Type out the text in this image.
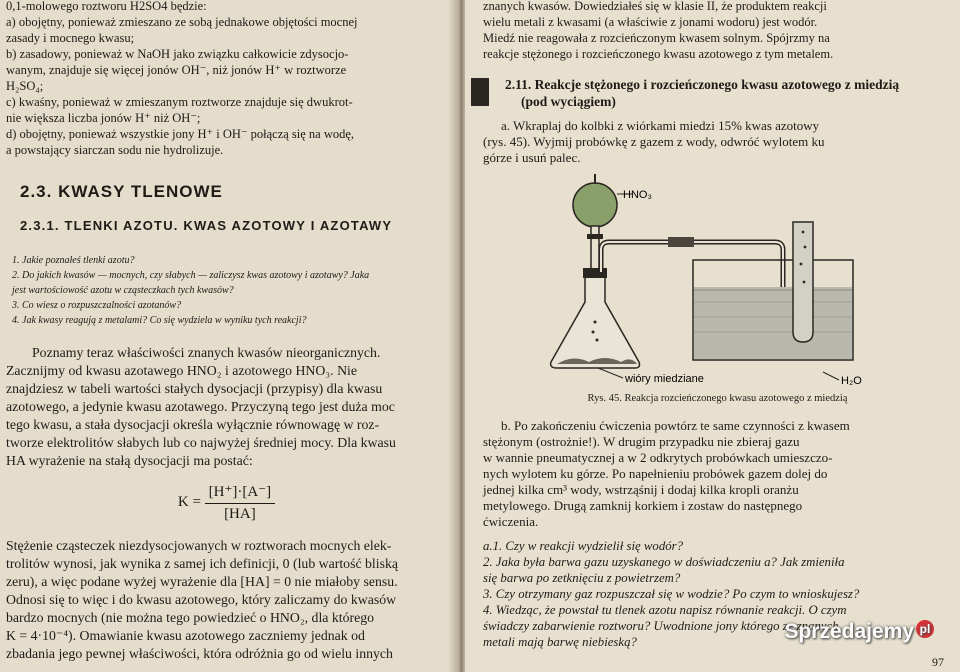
0,1-molowego roztworu H2SO4 będzie:

a) obojętny, ponieważ zmieszano ze sobą jednakowe objętości mocnej

zasady i mocnego kwasu;

b) zasadowy, ponieważ w NaOH jako związku całkowicie zdysocjo-

wanym, znajduje się więcej jonów OH⁻, niż jonów H⁺ w roztworze

H₂SO₄;

c) kwaśny, ponieważ w zmieszanym roztworze znajduje się dwukrot-

nie większa liczba jonów H⁺ niż OH⁻;

d) obojętny, ponieważ wszystkie jony H⁺ i OH⁻ połączą się na wodę,

a powstający siarczan sodu nie hydrolizuje.

2.3. KWASY TLENOWE
2.3.1. TLENKI AZOTU. KWAS AZOTOWY I AZOTAWY

1. Jakie poznałeś tlenki azotu?

2. Do jakich kwasów — mocnych, czy słabych — zaliczysz kwas azotowy i azotawy? Jaka

jest wartościowość azotu w cząsteczkach tych kwasów?

3. Co wiesz o rozpuszczalności azotanów?

4. Jak kwasy reagują z metalami? Co się wydziela w wyniku tych reakcji?

Poznamy teraz właściwości znanych kwasów nieorganicznych.

Zacznijmy od kwasu azotawego HNO₂ i azotowego HNO₃. Nie

znajdziesz w tabeli wartości stałych dysocjacji (przypisy) dla kwasu

azotowego, a jedynie kwasu azotawego. Przyczyną tego jest duża moc

tego kwasu, a stała dysocjacji określa wyłącznie równowagę w roz-

tworze elektrolitów słabych lub co najwyżej średniej mocy. Dla kwasu

HA wyrażenie na stałą dysocjacji ma postać:

$K = \frac{[H^+]\cdot[A^-]}{[HA]}$

Stężenie cząsteczek niezdysocjowanych w roztworach mocnych elek-

trolitów wynosi, jak wynika z samej ich definicji, 0 (lub wartość bliską

zeru), a więc podane wyżej wyrażenie dla [HA] = 0 nie miałoby sensu.

Odnosi się to więc i do kwasu azotowego, który zaliczamy do kwasów

bardzo mocnych (nie można tego powiedzieć o HNO₂, dla którego

K = 4·10⁻⁴). Omawianie kwasu azotowego zaczniemy jednak od

zbadania jego pewnej właściwości, która odróżnia go od wielu innych

znanych kwasów. Dowiedziałeś się w klasie II, że produktem reakcji

wielu metali z kwasami (a właściwie z jonami wodoru) jest wodór.

Miedź nie reagowała z rozcieńczonym kwasem solnym. Spójrzmy na

reakcje stężonego i rozcieńczonego kwasu azotowego z tym metalem.

2.11. Reakcje stężonego i rozcieńczonego kwasu azotowego z miedzią
(pod wyciągiem)

a. Wkraplaj do kolbki z wiórkami miedzi 15% kwas azotowy

(rys. 45). Wyjmij probówkę z gazem z wody, odwróć wylotem ku

górze i usuń palec.

HNO₃
wióry miedziane	H₂O
Rys. 45. Reakcja rozcieńczonego kwasu azotowego z miedzią

b. Po zakończeniu ćwiczenia powtórz te same czynności z kwasem

stężonym (ostrożnie!). W drugim przypadku nie zbieraj gazu

w wannie pneumatycznej a w 2 odkrytych probówkach umieszczo-

nych wylotem ku górze. Po napełnieniu probówek gazem dolej do

jednej kilka cm³ wody, wstrząśnij i dodaj kilka kropli oranżu

metylowego. Drugą zamknij korkiem i zostaw do następnego

ćwiczenia.

a.1. Czy w reakcji wydzielił się wodór?

2. Jaka była barwa gazu uzyskanego w doświadczeniu a? Jak zmieniła

się barwa po zetknięciu z powietrzem?

3. Czy otrzymany gaz rozpuszczał się w wodzie? Po czym to wnioskujesz?

4. Wiedząc, że powstał tu tlenek azotu napisz równanie reakcji. O czym

świadczy zabarwienie roztworu? Uwodnione jony którego ze znanych

metali mają barwę niebieską?

97
Sprzedajemy pl
